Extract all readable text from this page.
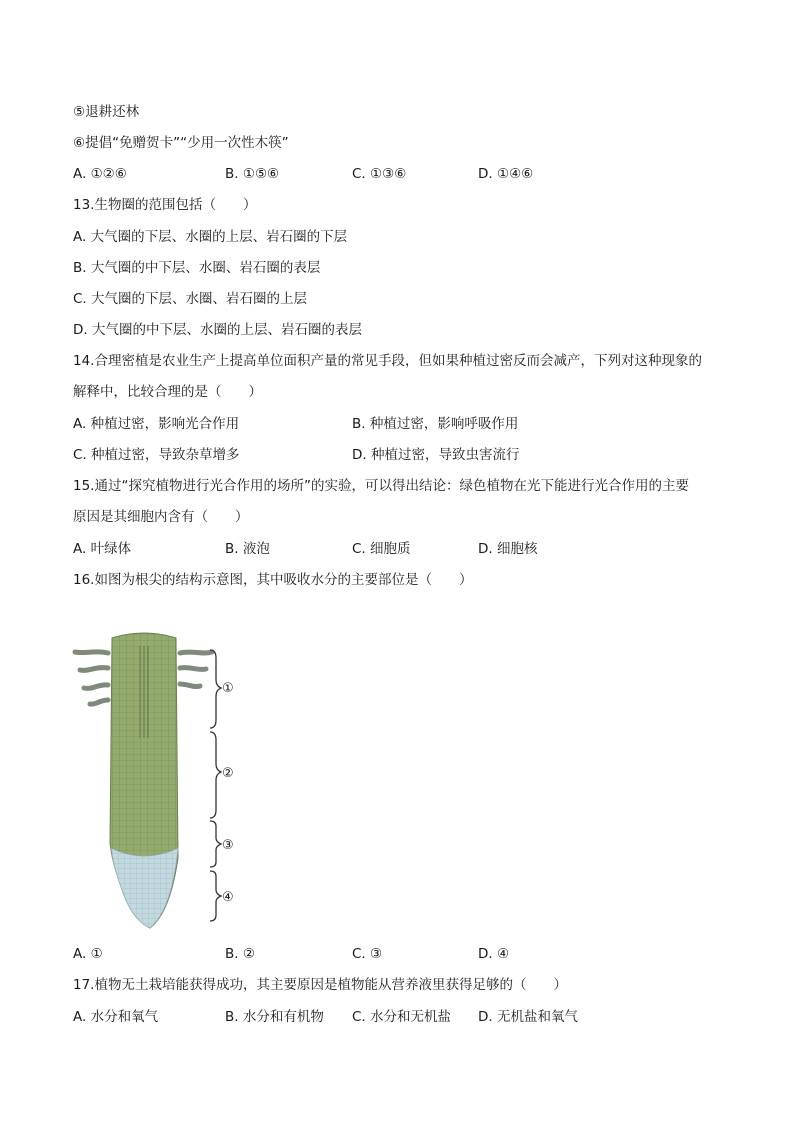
⑤退耕还林
⑥提倡“免赠贺卡”“少用一次性木筷”
A. ①②⑥	B. ①⑤⑥	C. ①③⑥	D. ①④⑥
13.生物圈的范围包括（　　）
A. 大气圈的下层、水圈的上层、岩石圈的下层
B. 大气圈的中下层、水圈、岩石圈的表层
C. 大气圈的下层、水圈、岩石圈的上层
D. 大气圈的中下层、水圈的上层、岩石圈的表层
14.合理密植是农业生产上提高单位面积产量的常见手段，但如果种植过密反而会减产，下列对这种现象的
解释中，比较合理的是（　　）
A. 种植过密，影响光合作用	B. 种植过密，影响呼吸作用
C. 种植过密，导致杂草增多	D. 种植过密，导致虫害流行
15.通过“探究植物进行光合作用的场所”的实验，可以得出结论：绿色植物在光下能进行光合作用的主要
原因是其细胞内含有（　　）
A. 叶绿体	B. 液泡	C. 细胞质	D. 细胞核
16.如图为根尖的结构示意图，其中吸收水分的主要部位是（　　）
①
②
③
④
A. ①	B. ②	C. ③	D. ④
17.植物无土栽培能获得成功，其主要原因是植物能从营养液里获得足够的（　　）
A. 水分和氧气	B. 水分和有机物 C. 水分和无机盐 D. 无机盐和氧气
